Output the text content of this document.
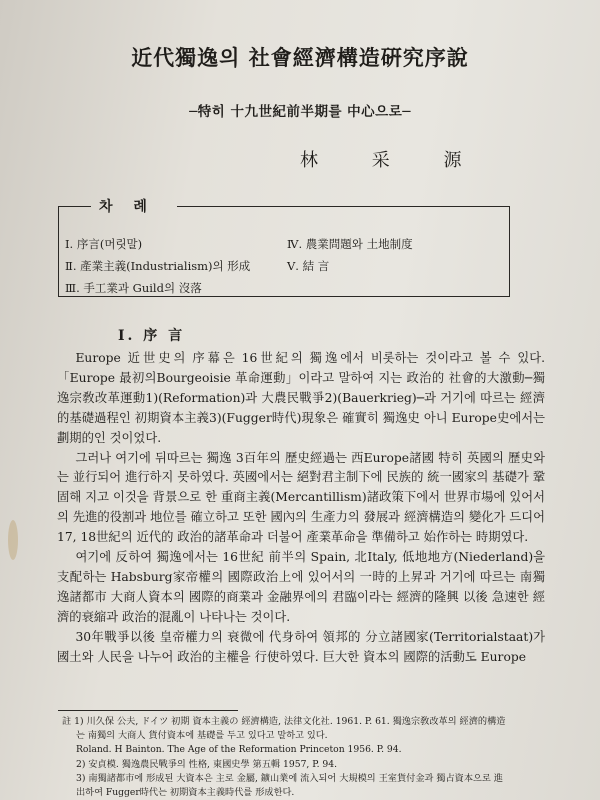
近代獨逸의 社會經濟構造硏究序說
─特히 十九世紀前半期를 中心으로─
林 采 源
차 례
Ⅰ. 序言(머릿말)
Ⅱ. 產業主義(Industrialism)의 形成
Ⅲ. 手工業과 Guild의 沒落
Ⅳ. 農業問題와 土地制度
Ⅴ. 結 言
Ⅰ. 序 言

Europe 近世史의 序幕은 16世紀의 獨逸에서 비롯하는 것이라고 볼 수 있다. 「Europe 最初의Bourgeoisie 革命運動」이라고 말하여 지는 政治的 社會的大激動─獨逸宗敎改革運動1)(Reformation)과 大農民戰爭2)(Bauerkrieg)─과 거기에 따르는 經濟的基礎過程인 初期資本主義3)(Fugger時代)現象은 確實히 獨逸史 아니 Europe史에서는 劃期的인 것이었다.

그러나 여기에 뒤따르는 獨逸 3百年의 歷史經過는 西Europe諸國 特히 英國의 歷史와는 並行되어 進行하지 못하였다. 英國에서는 絕對君主制下에 民族的 統一國家의 基礎가 鞏固해 지고 이것을 背景으로 한 重商主義(Mercantillism)諸政策下에서 世界市場에 있어서의 先進的役割과 地位를 確立하고 또한 國內의 生產力의 發展과 經濟構造의 變化가 드디어 17, 18世紀의 近代的 政治的諸革命과 더불어 產業革命을 準備하고 始作하는 時期였다.

여기에 反하여 獨逸에서는 16世紀 前半의 Spain, 北Italy, 低地地方(Niederland)을 支配하는 Habsburg家帝權의 國際政治上에 있어서의 一時的上昇과 거기에 따르는 南獨逸諸都市 大商人資本의 國際的商業과 金融界에의 君臨이라는 經濟的隆興 以後 急速한 經濟的衰縮과 政治的混亂이 나타나는 것이다.

30年戰爭以後 皇帝權力의 衰微에 代身하여 領邦的 分立諸國家(Territorialstaat)가 國土와 人民을 나누어 政治的主權을 行使하였다. 巨大한 資本의 國際的活動도 Europe

註 1) 川久保 公夫, ドイツ 初期 資本主義の 經濟構造, 法律文化社. 1961. P. 61. 獨逸宗敎改革의 經濟的構造
는 南獨의 大商人 貨付資本에 基礎를 두고 있다고 말하고 있다.
Roland. H Bainton. The Age of the Reformation Princeton 1956. P. 94.
2) 安貞模. 獨逸農民戰爭의 性格, 東國史學 第五輯 1957, P. 94.
3) 南獨諸都市에 形成된 大資本은 主로 金屬, 鑛山業에 流入되어 大規模의 王室貨付金과 獨占資本으로 進
出하여 Fugger時代는 初期資本主義時代를 形成한다.
